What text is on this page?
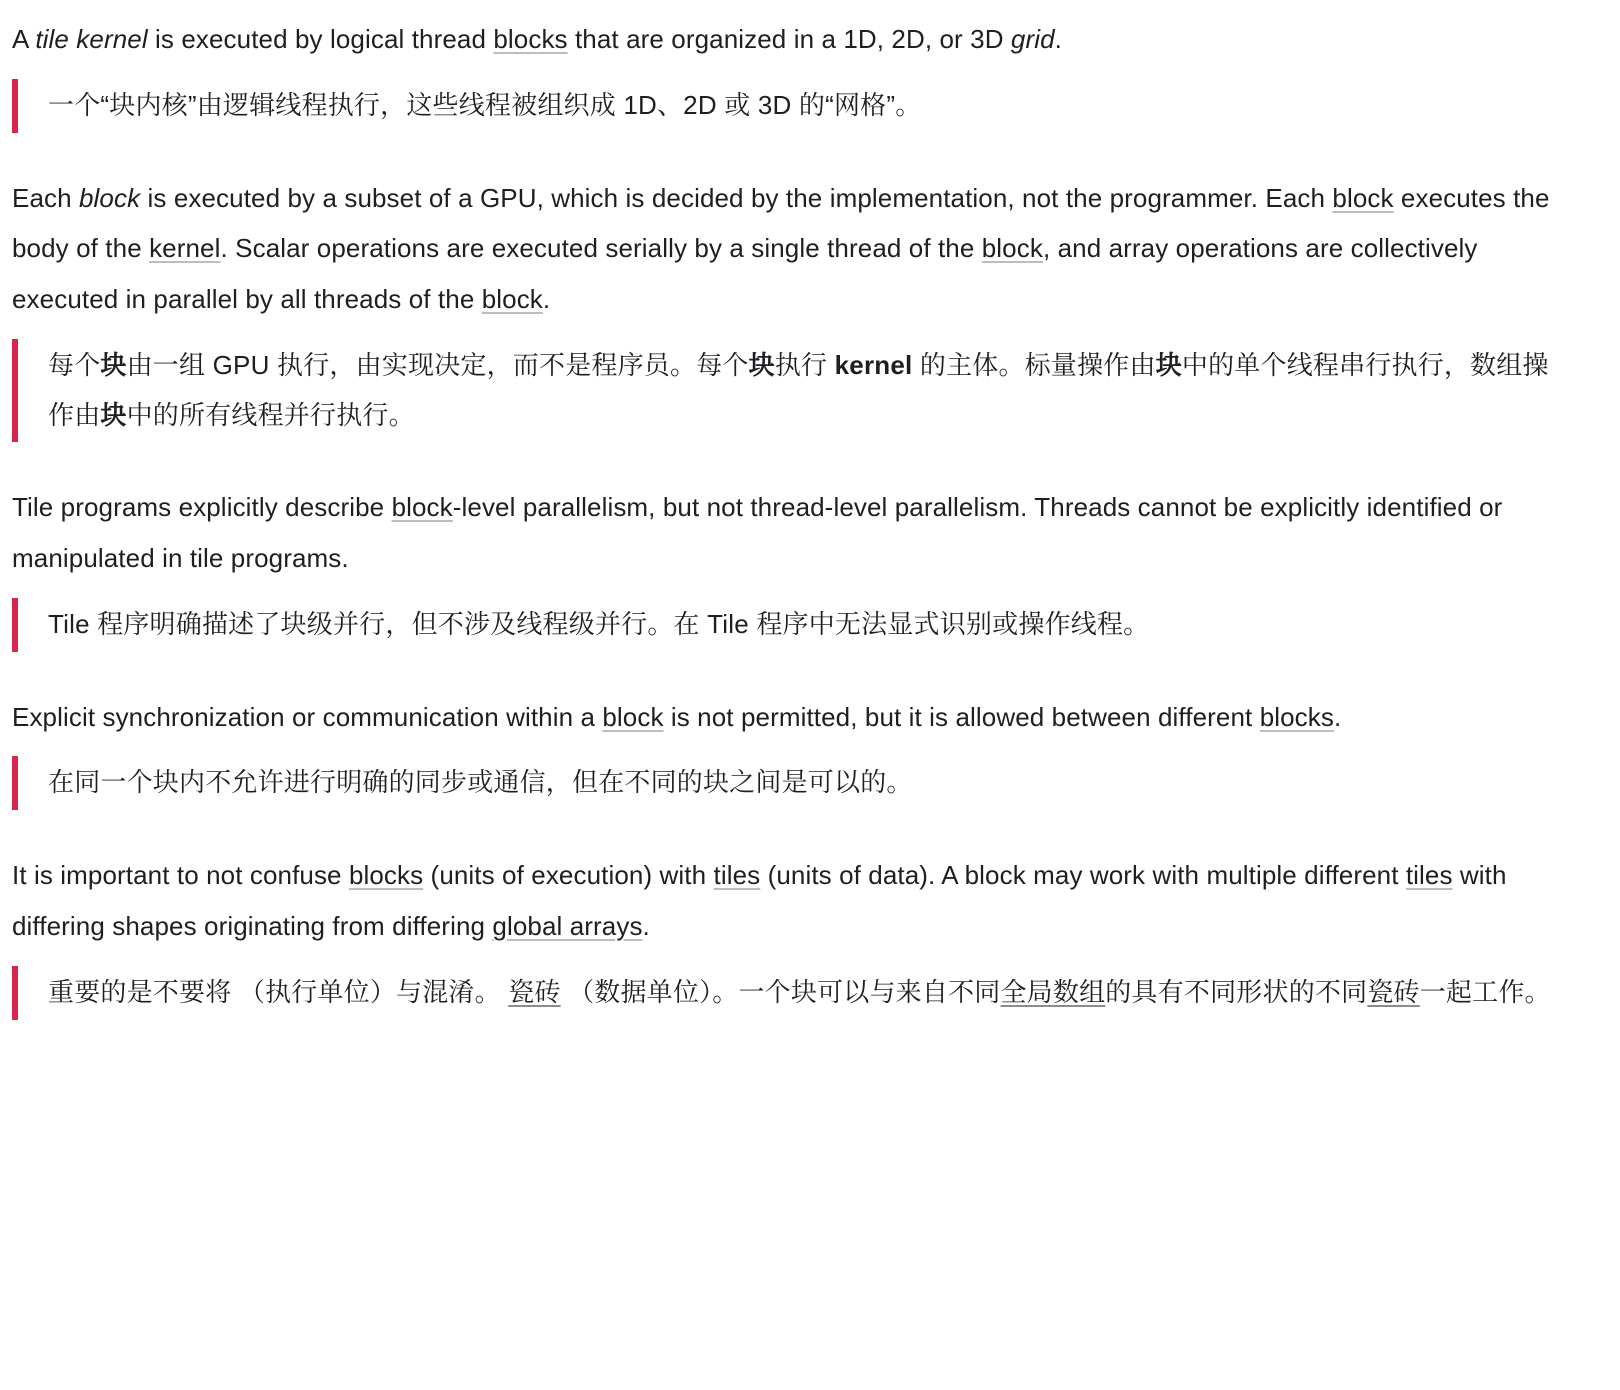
A tile kernel is executed by logical thread blocks that are organized in a 1D, 2D, or 3D grid.

一个“块内核”由逻辑线程执行，这些线程被组织成 1D、2D 或 3D 的“网格”。

Each block is executed by a subset of a GPU, which is decided by the implementation, not the programmer. Each block executes the body of the kernel. Scalar operations are executed serially by a single thread of the block, and array operations are collectively executed in parallel by all threads of the block.

每个块由一组 GPU 执行，由实现决定，而不是程序员。每个块执行 kernel 的主体。标量操作由块中的单个线程串行执行，数组操作由块中的所有线程并行执行。

Tile programs explicitly describe block-level parallelism, but not thread-level parallelism. Threads cannot be explicitly identified or manipulated in tile programs.

Tile 程序明确描述了块级并行，但不涉及线程级并行。在 Tile 程序中无法显式识别或操作线程。

Explicit synchronization or communication within a block is not permitted, but it is allowed between different blocks.

在同一个块内不允许进行明确的同步或通信，但在不同的块之间是可以的。

It is important to not confuse blocks (units of execution) with tiles (units of data). A block may work with multiple different tiles with differing shapes originating from differing global arrays.

重要的是不要将 （执行单位）与混淆。 瓷砖 （数据单位）。一个块可以与来自不同全局数组的具有不同形状的不同瓷砖一起工作。
